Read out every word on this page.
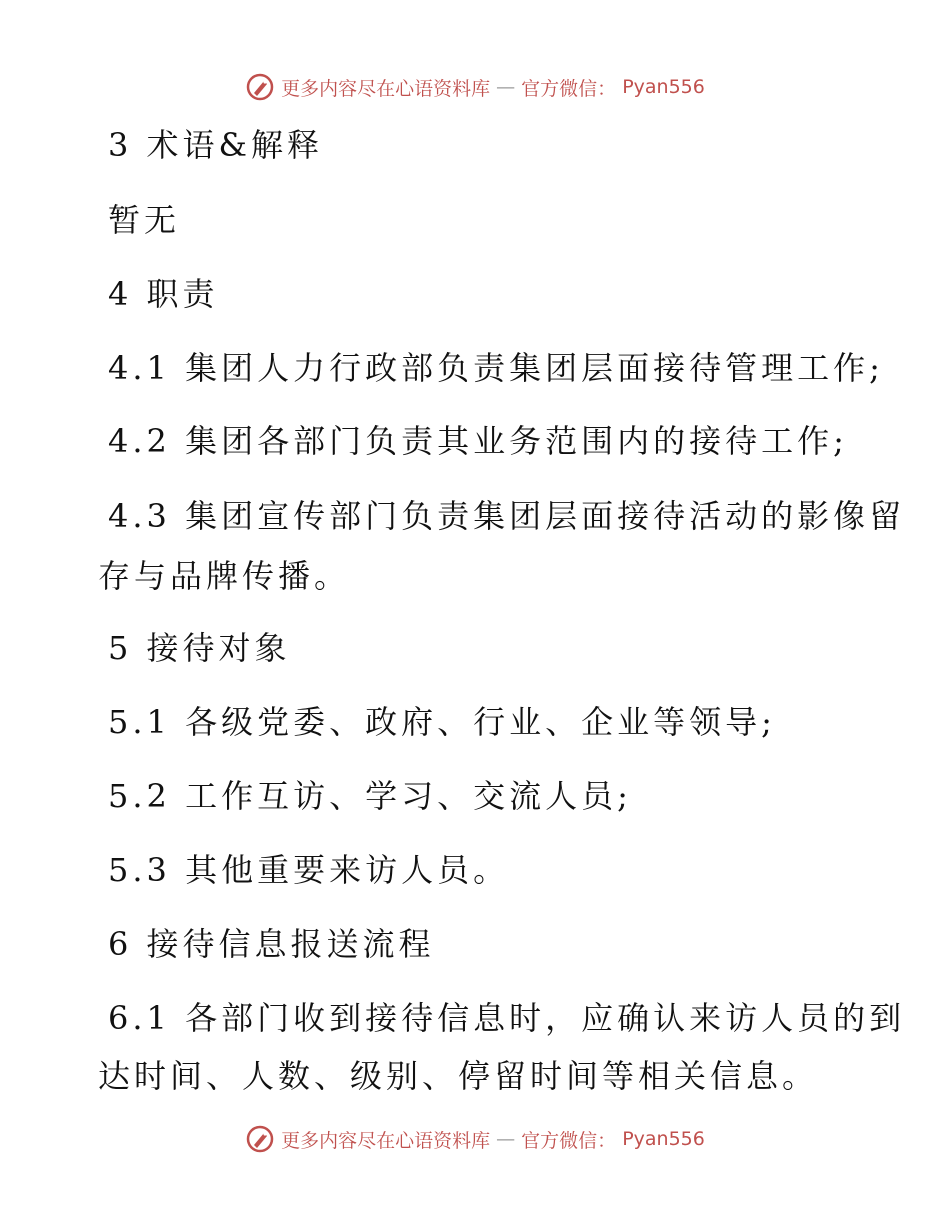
更多内容尽在心语资料库 — 官方微信： Pyan556
3 术语&解释
暂无
4 职责
4.1 集团人力行政部负责集团层面接待管理工作;
4.2 集团各部门负责其业务范围内的接待工作;
4.3 集团宣传部门负责集团层面接待活动的影像留
存与品牌传播。
5 接待对象
5.1 各级党委、政府、行业、企业等领导;
5.2 工作互访、学习、交流人员;
5.3 其他重要来访人员。
6 接待信息报送流程
6.1 各部门收到接待信息时，应确认来访人员的到
达时间、人数、级别、停留时间等相关信息。
更多内容尽在心语资料库 — 官方微信： Pyan556
